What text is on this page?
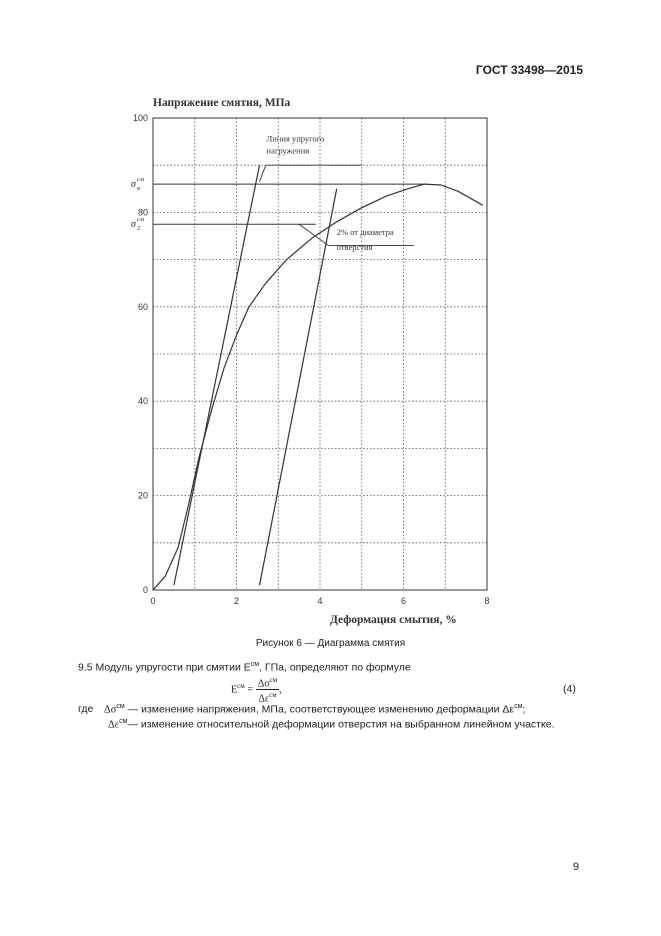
ГОСТ 33498—2015
0	2	4	6	8
0
20
40
60
80
100
σ в
см
σ 2
см
Линия упругого
нагружения
2% от диаметра
отверстия
Напряжение смятия, МПа
Деформация смытия, %
Рисунок 6 — Диаграмма смятия
9.5 Модуль упругости при смятии $E^{см}$, ГПа, определяют по формуле
$E^{см} = \frac{\Delta\sigma^{см}}{\Delta\varepsilon^{см}}$ ,	(4)
где $\Delta\sigma^{см}$ — изменение напряжения, МПа, соответствующее изменению деформации $\Delta\varepsilon^{см}$;
$\Delta\varepsilon^{см}—$ изменение относительной деформации отверстия на выбранном линейном участке.
9
